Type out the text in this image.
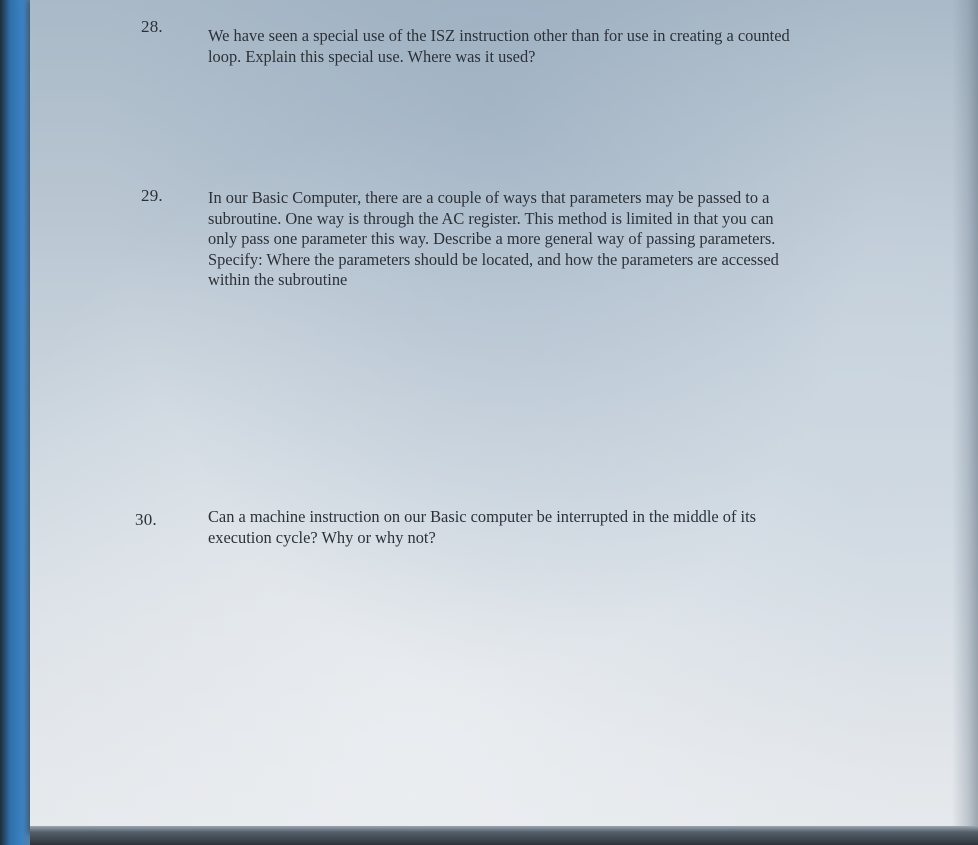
28.	We have seen a special use of the ISZ instruction other than for use in creating a counted
loop. Explain this special use. Where was it used?
29.	In our Basic Computer, there are a couple of ways that parameters may be passed to a
subroutine. One way is through the AC register. This method is limited in that you can
only pass one parameter this way. Describe a more general way of passing parameters.
Specify: Where the parameters should be located, and how the parameters are accessed
within the subroutine
30.	Can a machine instruction on our Basic computer be interrupted in the middle of its
execution cycle? Why or why not?
